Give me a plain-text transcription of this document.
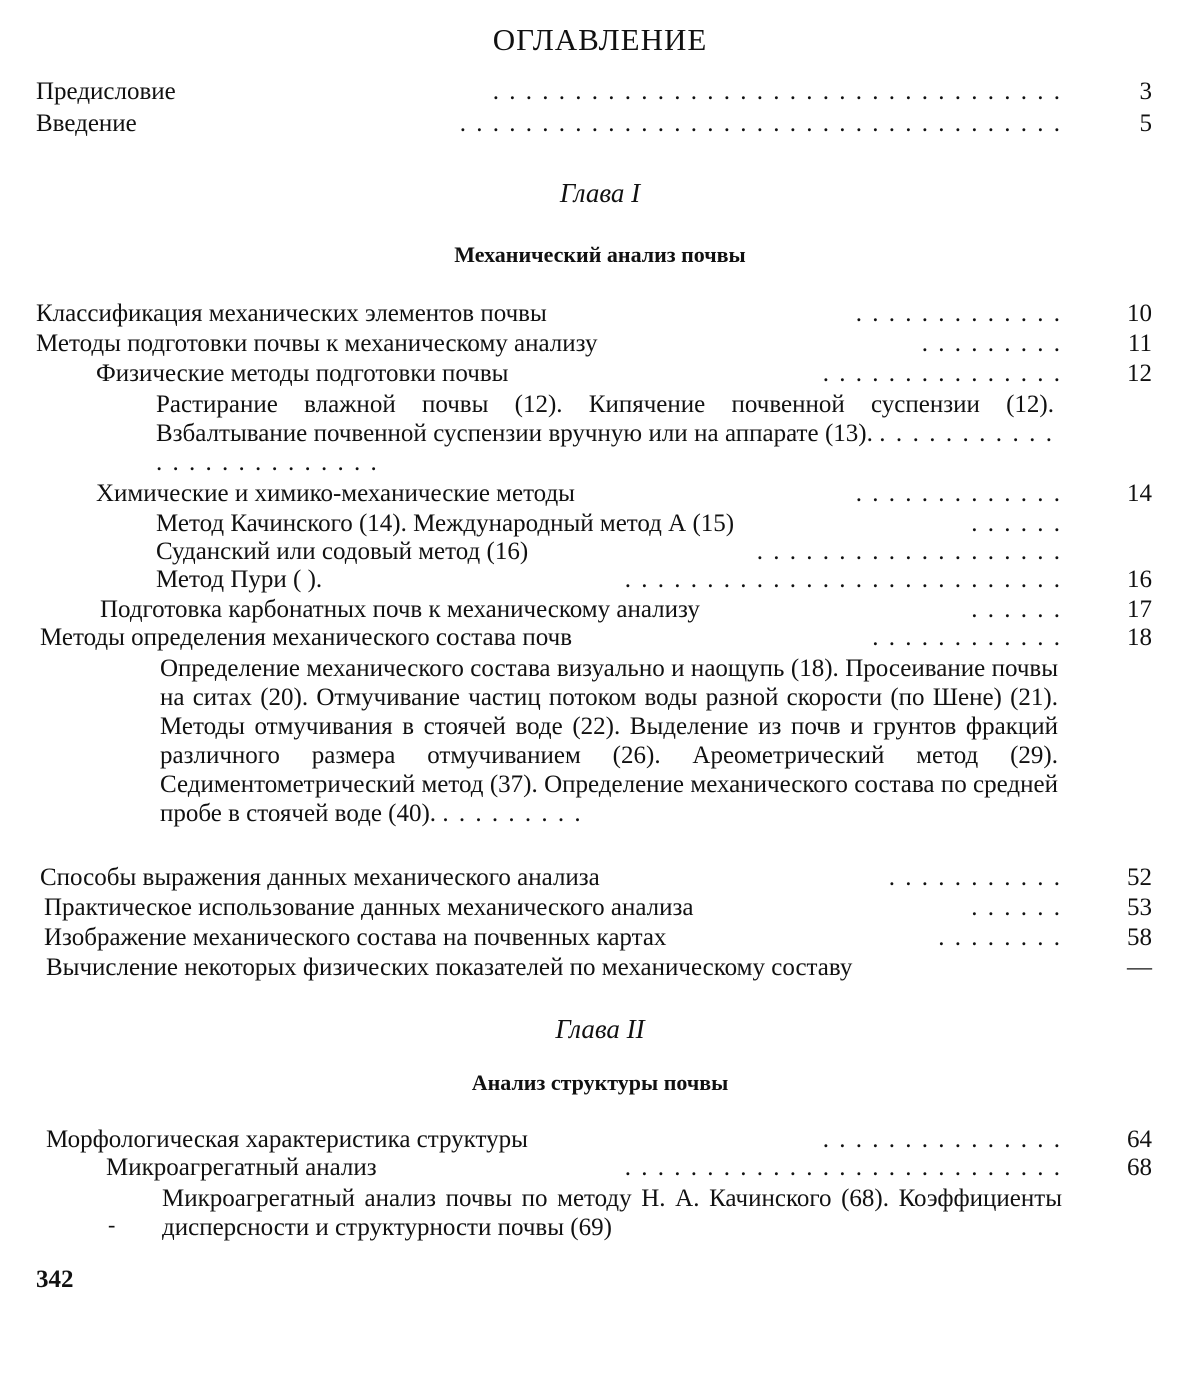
ОГЛАВЛЕНИЕ
Предисловие	. . . . . . . . . . . . . . . . . . . . . . . . . . . . . . . . . . .	3
Введение	. . . . . . . . . . . . . . . . . . . . . . . . . . . . . . . . . . . . .	5
Глава I
Механический анализ почвы
Классификация механических элементов почвы	. . . . . . . . . . . . .	10
Методы подготовки почвы к механическому анализу	. . . . . . . . .	11
Физические методы подготовки почвы	. . . . . . . . . . . . . . .	12
Растирание влажной почвы (12). Кипячение почвенной суспензии (12). Взбалтывание почвенной суспензии вручную или на аппарате (13). . . . . . . . . . . . . . . . . . . . . . . . . .
Химические и химико-механические методы	. . . . . . . . . . . . .	14
Метод Качинского (14). Международный метод А (15)	. . . . . .
Суданский или содовый метод (16)	. . . . . . . . . . . . . . . . . . .
Метод Пури ( ).	. . . . . . . . . . . . . . . . . . . . . . . . . . .	16
Подготовка карбонатных почв к механическому анализу	. . . . . .	17
Методы определения механического состава почв	. . . . . . . . . . . .	18
Определение механического состава визуально и наощупь (18). Просеивание почвы на ситах (20). Отмучивание частиц потоком воды разной скорости (по Шене) (21). Методы отмучивания в стоячей воде (22). Выделение из почв и грунтов фракций различного размера отмучиванием (26). Ареометрический метод (29). Седиментометрический метод (37). Определение механического состава по средней пробе в стоячей воде (40). . . . . . . . . .
Способы выражения данных механического анализа	. . . . . . . . . . .	52
Практическое использование данных механического анализа	. . . . . .	53
Изображение механического состава на почвенных картах	. . . . . . . .	58
Вычисление некоторых физических показателей по механическому составу	—
Глава II
Анализ структуры почвы
Морфологическая характеристика структуры	. . . . . . . . . . . . . . .	64
Микроагрегатный анализ	. . . . . . . . . . . . . . . . . . . . . . . . . . .	68
-
Микроагрегатный анализ почвы по методу Н. А. Качинского (68). Коэффициенты дисперсности и структурности почвы (69)
342
